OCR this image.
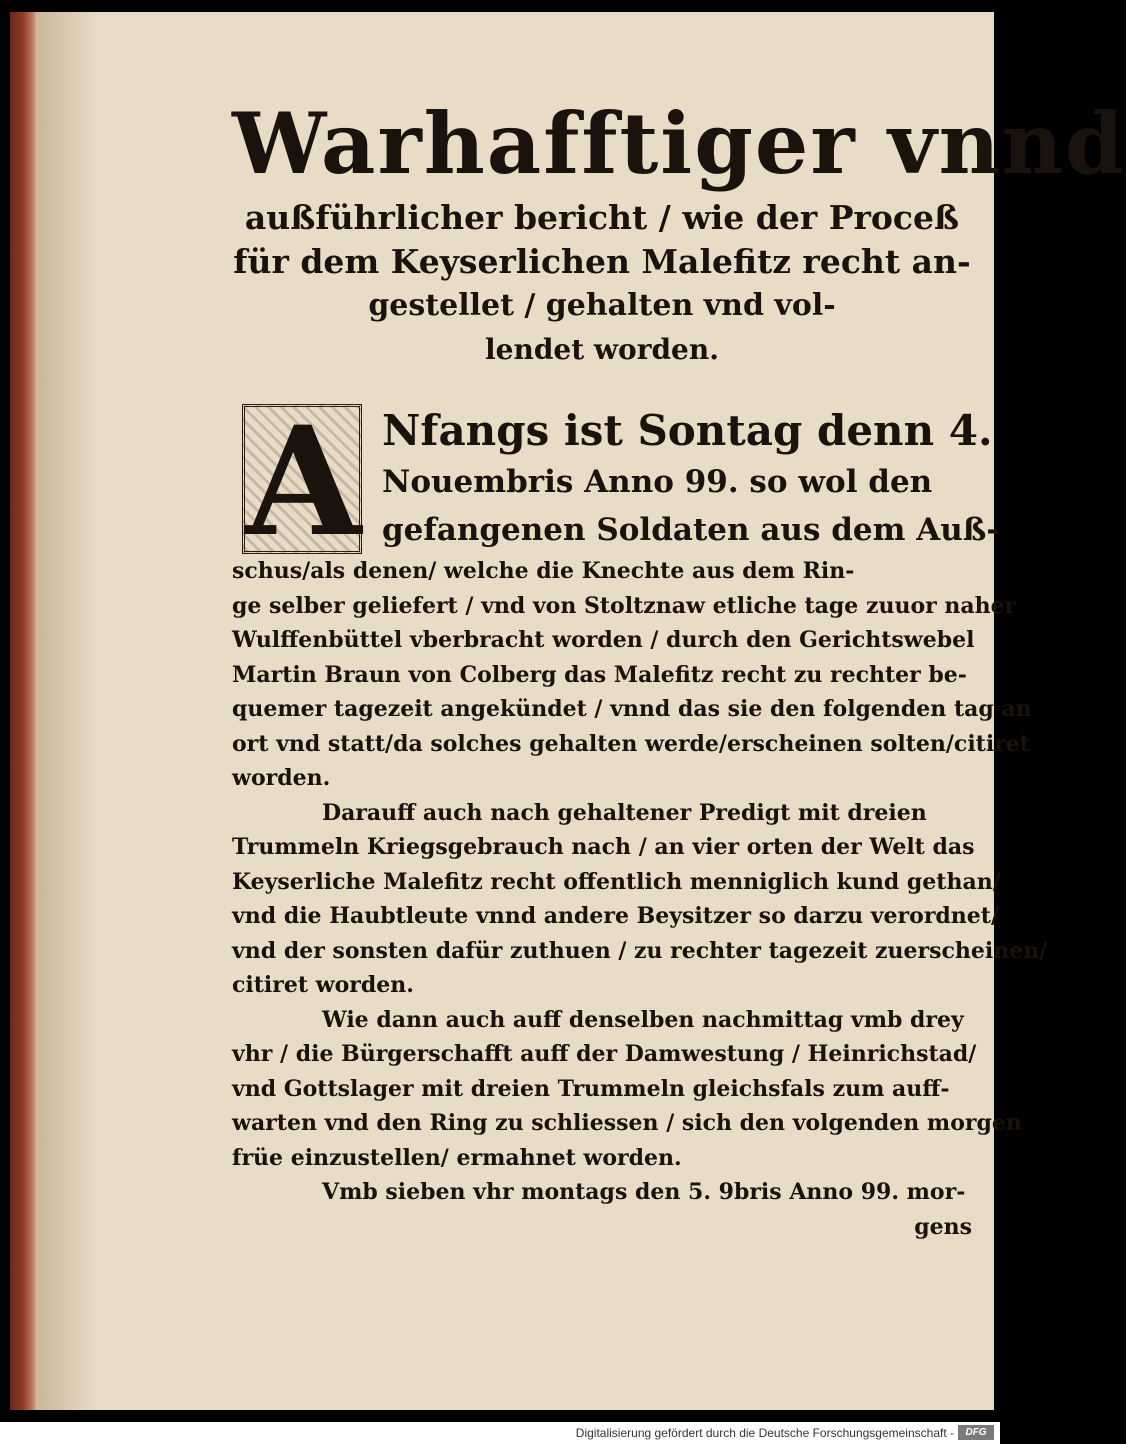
Warhafftiger vnnd

außführlicher bericht / wie der Proceß

für dem Keyserlichen Malefitz recht an-

gestellet / gehalten vnd vol-

lendet worden.

A Nfangs ist Sontag denn 4.

Nouembris Anno 99. so wol den

gefangenen Soldaten aus dem Auß-

schus/als denen/ welche die Knechte aus dem Rin-

ge selber geliefert / vnd von Stoltznaw etliche tage zuuor naher

Wulffenbüttel vberbracht worden / durch den Gerichtswebel

Martin Braun von Colberg das Malefitz recht zu rechter be-

quemer tagezeit angekündet / vnnd das sie den folgenden tag an

ort vnd statt/da solches gehalten werde/erscheinen solten/citiret

worden.

Darauff auch nach gehaltener Predigt mit dreien

Trummeln Kriegsgebrauch nach / an vier orten der Welt das

Keyserliche Malefitz recht offentlich menniglich kund gethan/

vnd die Haubtleute vnnd andere Beysitzer so darzu verordnet/

vnd der sonsten dafür zuthuen / zu rechter tagezeit zuerscheinen/

citiret worden.

Wie dann auch auff denselben nachmittag vmb drey

vhr / die Bürgerschafft auff der Damwestung / Heinrichstad/

vnd Gottslager mit dreien Trummeln gleichsfals zum auff-

warten vnd den Ring zu schliessen / sich den volgenden morgen

früe einzustellen/ ermahnet worden.

Vmb sieben vhr montags den 5. 9bris Anno 99. mor-

gens

Digitalisierung gefördert durch die Deutsche Forschungsgemeinschaft -	DFG
